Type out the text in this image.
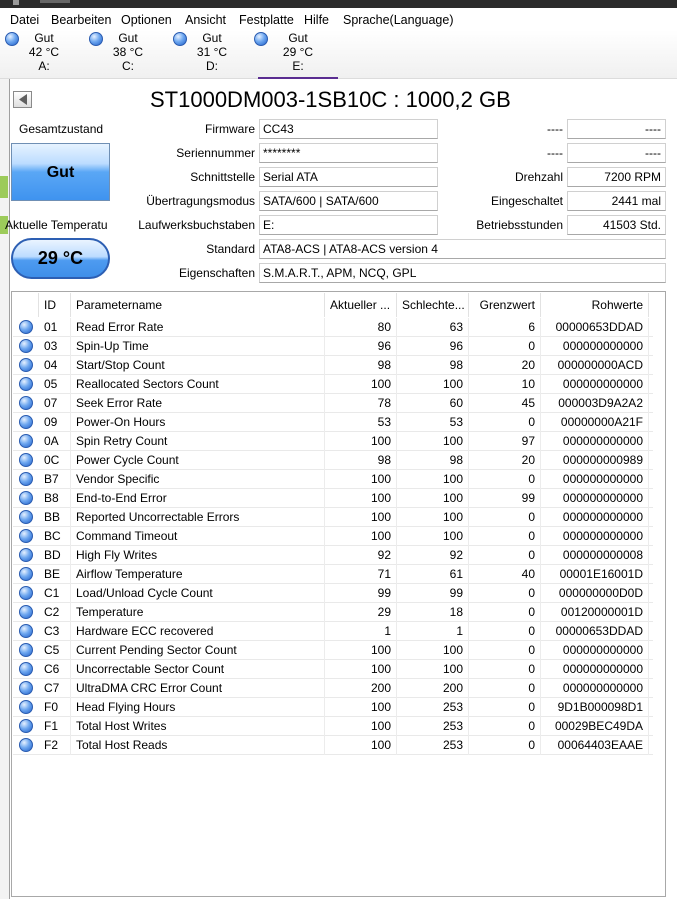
Datei Bearbeiten Optionen Ansicht Festplatte Hilfe Sprache(Language)
Gut
42 °C
A:
Gut
38 °C
C:
Gut
31 °C
D:
Gut
29 °C
E:
ST1000DM003-1SB10C : 1000,2 GB
Gesamtzustand
Gut
Aktuelle Temperatu
29 °C
Firmware CC43
Seriennummer ********
Schnittstelle Serial ATA
Übertragungsmodus SATA/600 | SATA/600
Laufwerksbuchstaben E:
Standard ATA8-ACS | ATA8-ACS version 4
Eigenschaften S.M.A.R.T., APM, NCQ, GPL
----	----
----	----
Drehzahl	7200 RPM
Eingeschaltet	2441 mal
Betriebsstunden	41503 Std.
ID	Parametername	Aktueller ... Schlechte...	Grenzwert	Rohwerte
01	Read Error Rate	80	63	6	00000653DDAD
03	Spin-Up Time	96	96	0	000000000000
04	Start/Stop Count	98	98	20	000000000ACD
05	Reallocated Sectors Count	100	100	10	000000000000
07	Seek Error Rate	78	60	45	000003D9A2A2
09	Power-On Hours	53	53	0	00000000A21F
0A	Spin Retry Count	100	100	97	000000000000
0C	Power Cycle Count	98	98	20	000000000989
B7	Vendor Specific	100	100	0	000000000000
B8	End-to-End Error	100	100	99	000000000000
BB	Reported Uncorrectable Errors	100	100	0	000000000000
BC	Command Timeout	100	100	0	000000000000
BD	High Fly Writes	92	92	0	000000000008
BE	Airflow Temperature	71	61	40	00001E16001D
C1	Load/Unload Cycle Count	99	99	0	000000000D0D
C2	Temperature	29	18	0	00120000001D
C3	Hardware ECC recovered	1	1	0	00000653DDAD
C5	Current Pending Sector Count	100	100	0	000000000000
C6	Uncorrectable Sector Count	100	100	0	000000000000
C7	UltraDMA CRC Error Count	200	200	0	000000000000
F0	Head Flying Hours	100	253	0	9D1B000098D1
F1	Total Host Writes	100	253	0	00029BEC49DA
F2	Total Host Reads	100	253	0	00064403EAAE
